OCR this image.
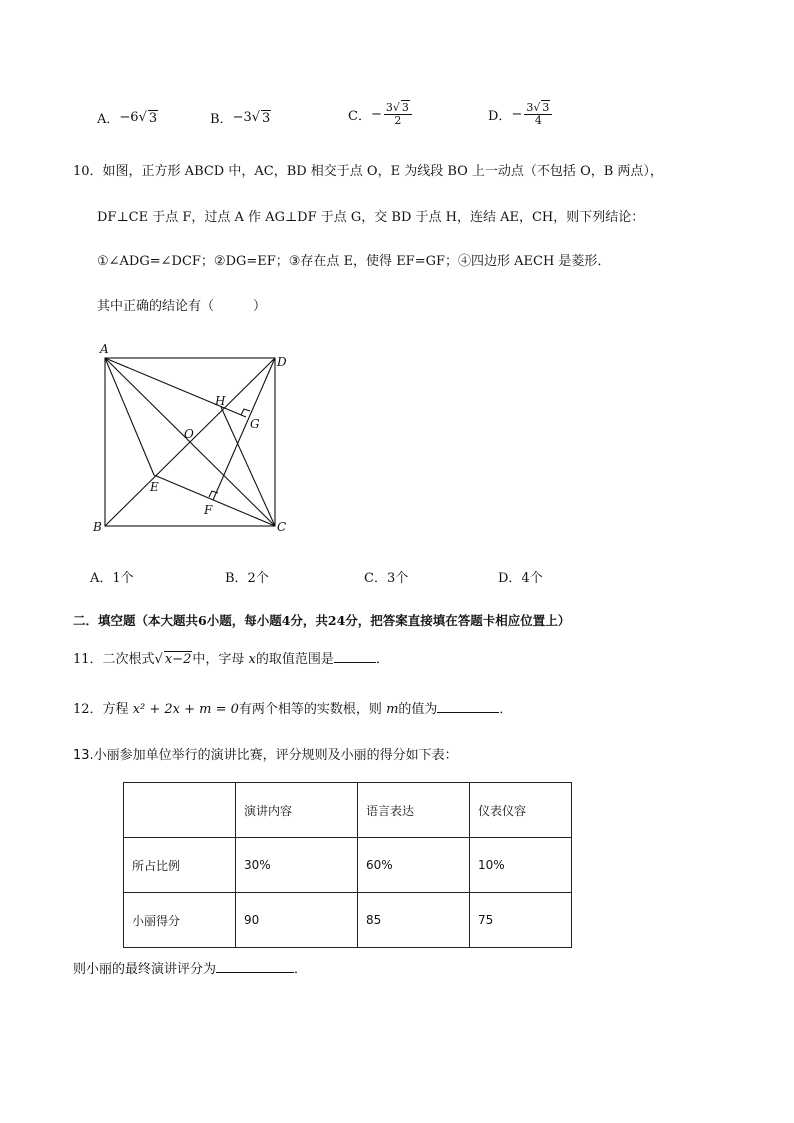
A． −6 √ 3	B． −3 √ 3	C． − $\frac{3√ 3}{2}$	D． − $\frac{3√ 3}{4}$
10．如图，正方形 ABCD 中，AC，BD 相交于点 O，E 为线段 BO 上一动点（不包括 O，B 两点），
DF⊥CE 于点 F，过点 A 作 AG⊥DF 于点 G，交 BD 于点 H，连结 AE，CH，则下列结论：
①∠ADG=∠DCF；②DG=EF；③存在点 E，使得 EF=GF；④四边形 AECH 是菱形．
其中正确的结论有（　　　）
A
D
B	C
O
H
G
E
F
A．1个	B．2个	C．3个	D．4个
二．填空题（本大题共6小题，每小题4分，共24分，把答案直接填在答题卡相应位置上）
11．二次根式√ x−2中，字母 x的取值范围是	．
12．方程 x² + 2x + m = 0有两个相等的实数根，则 m的值为	．
13.小丽参加单位举行的演讲比赛，评分规则及小丽的得分如下表：
	演讲内容	语言表达	仪表仪容
所占比例	30%	60%	10%
小丽得分	90	85	75
则小丽的最终演讲评分为	．
